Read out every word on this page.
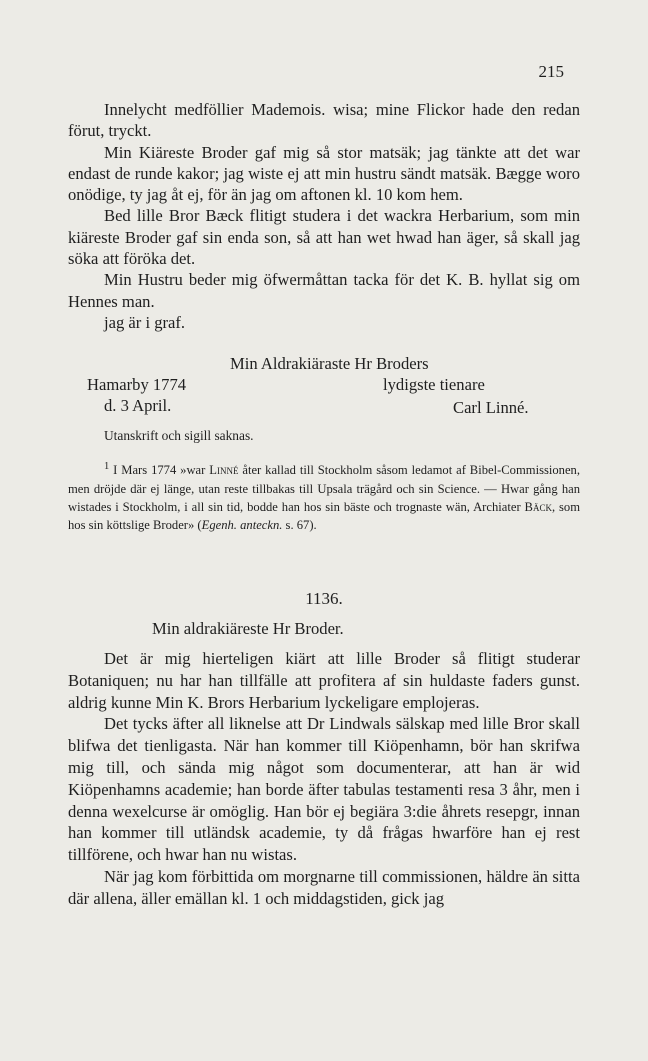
215

Innelycht medföllier Mademois. wisa; mine Flickor hade den redan förut, tryckt.

Min Kiäreste Broder gaf mig så stor matsäk; jag tänkte att det war endast de runde kakor; jag wiste ej att min hustru sändt matsäk. Bægge woro onödige, ty jag åt ej, för än jag om aftonen kl. 10 kom hem.

Bed lille Bror Bæck flitigt studera i det wackra Herbarium, som min kiäreste Broder gaf sin enda son, så att han wet hwad han äger, så skall jag söka att föröka det.

Min Hustru beder mig öfwermåttan tacka för det K. B. hyllat sig om Hennes man.

jag är i graf.

Min Aldrakiäraste Hr Broders
Hamarby 1774	lydigste tienare
d. 3 April.	Carl Linné.
Utanskrift och sigill saknas.

$^1$ I Mars 1774 »war Linné åter kallad till Stockholm såsom ledamot af Bibel-Commissionen, men dröjde där ej länge, utan reste tillbakas till Upsala trägård och sin Science. — Hwar gång han wistades i Stockholm, i all sin tid, bodde han hos sin bäste och trognaste wän, Archiater Bäck, som hos sin köttslige Broder» (Egenh. anteckn. s. 67).

1136.
Min aldrakiäreste Hr Broder.

Det är mig hierteligen kiärt att lille Broder så flitigt studerar Botaniquen; nu har han tillfälle att profitera af sin huldaste faders gunst. aldrig kunne Min K. Brors Herbarium lyckeligare emplojeras.

Det tycks äfter all liknelse att Dr Lindwals sälskap med lille Bror skall blifwa det tienligasta. När han kommer till Kiöpenhamn, bör han skrifwa mig till, och sända mig något som documenterar, att han är wid Kiöpenhamns academie; han borde äfter tabulas testamenti resa 3 åhr, men i denna wexelcurse är omöglig. Han bör ej begiära 3:die åhrets resepgr, innan han kommer till utländsk academie, ty då frågas hwarföre han ej rest tillförene, och hwar han nu wistas.

När jag kom förbittida om morgnarne till commissionen, häldre än sitta där allena, äller emällan kl. 1 och middagstiden, gick jag
